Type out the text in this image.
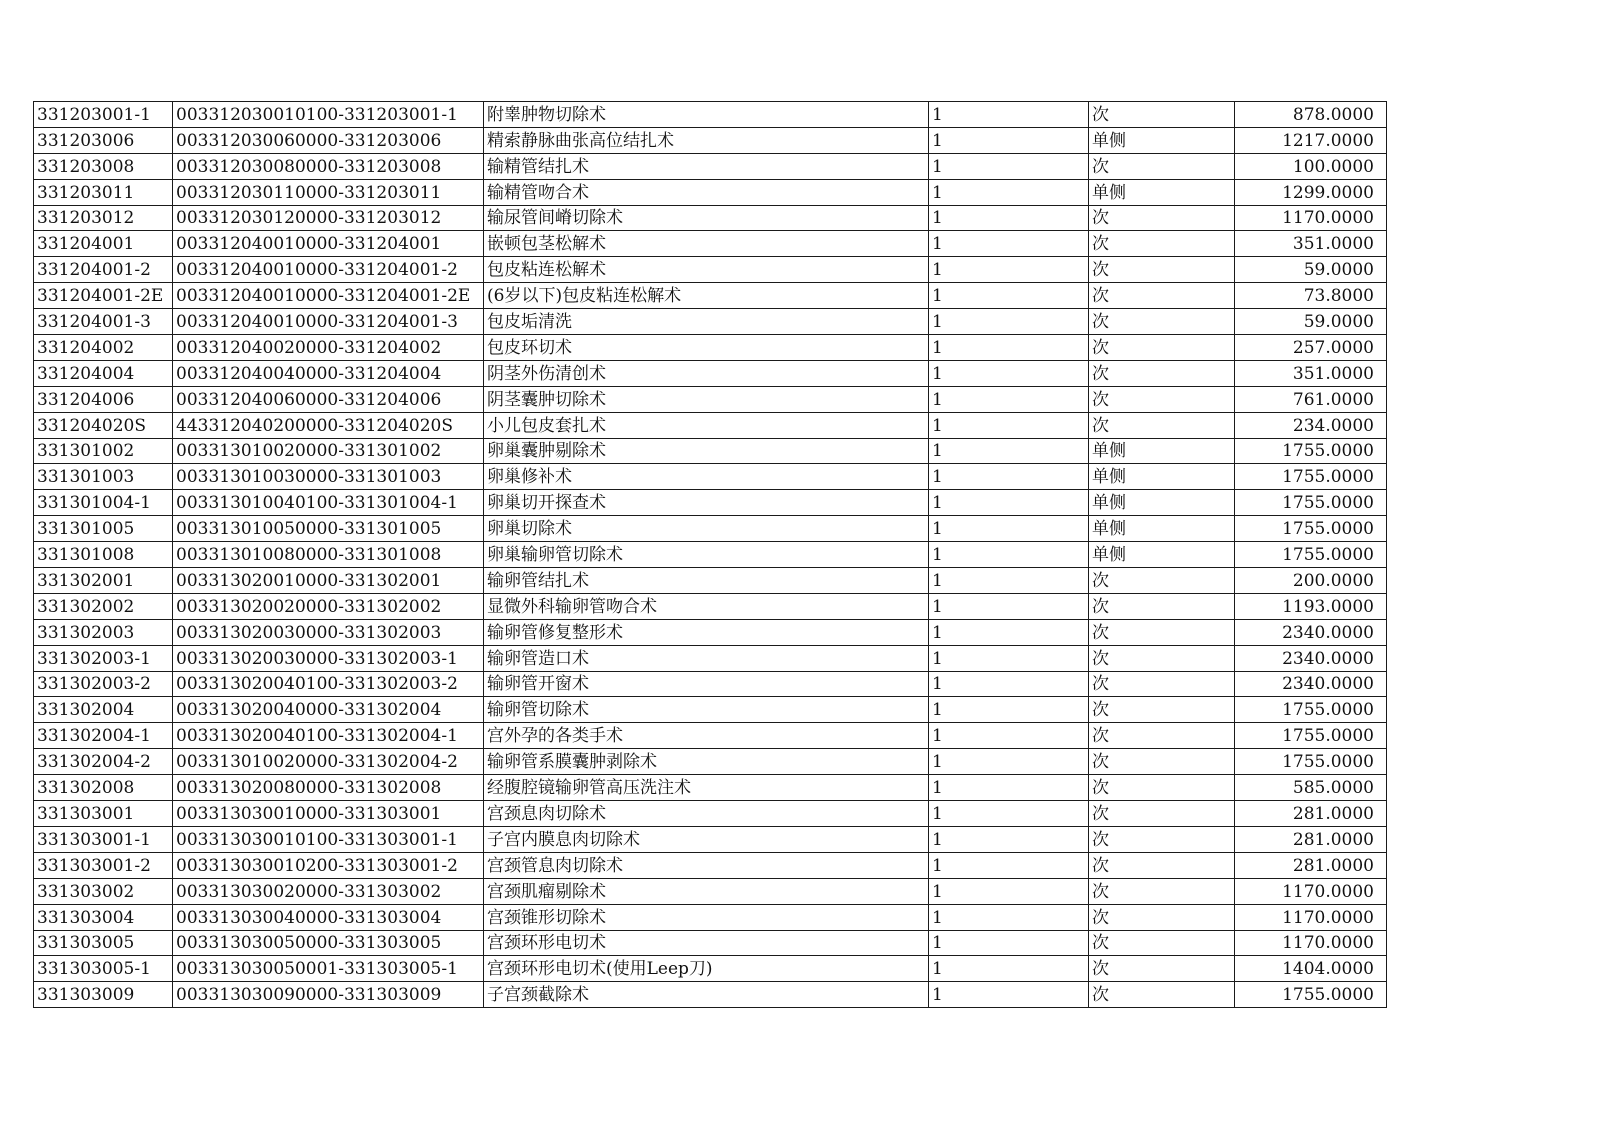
331203001-1	003312030010100-331203001-1	附睾肿物切除术	1	次	878.0000
331203006	003312030060000-331203006	精索静脉曲张高位结扎术	1	单侧	1217.0000
331203008	003312030080000-331203008	输精管结扎术	1	次	100.0000
331203011	003312030110000-331203011	输精管吻合术	1	单侧	1299.0000
331203012	003312030120000-331203012	输尿管间嵴切除术	1	次	1170.0000
331204001	003312040010000-331204001	嵌顿包茎松解术	1	次	351.0000
331204001-2	003312040010000-331204001-2	包皮粘连松解术	1	次	59.0000
331204001-2E	003312040010000-331204001-2E	(6岁以下)包皮粘连松解术	1	次	73.8000
331204001-3	003312040010000-331204001-3	包皮垢清洗	1	次	59.0000
331204002	003312040020000-331204002	包皮环切术	1	次	257.0000
331204004	003312040040000-331204004	阴茎外伤清创术	1	次	351.0000
331204006	003312040060000-331204006	阴茎囊肿切除术	1	次	761.0000
331204020S	443312040200000-331204020S	小儿包皮套扎术	1	次	234.0000
331301002	003313010020000-331301002	卵巢囊肿剔除术	1	单侧	1755.0000
331301003	003313010030000-331301003	卵巢修补术	1	单侧	1755.0000
331301004-1	003313010040100-331301004-1	卵巢切开探查术	1	单侧	1755.0000
331301005	003313010050000-331301005	卵巢切除术	1	单侧	1755.0000
331301008	003313010080000-331301008	卵巢输卵管切除术	1	单侧	1755.0000
331302001	003313020010000-331302001	输卵管结扎术	1	次	200.0000
331302002	003313020020000-331302002	显微外科输卵管吻合术	1	次	1193.0000
331302003	003313020030000-331302003	输卵管修复整形术	1	次	2340.0000
331302003-1	003313020030000-331302003-1	输卵管造口术	1	次	2340.0000
331302003-2	003313020040100-331302003-2	输卵管开窗术	1	次	2340.0000
331302004	003313020040000-331302004	输卵管切除术	1	次	1755.0000
331302004-1	003313020040100-331302004-1	宫外孕的各类手术	1	次	1755.0000
331302004-2	003313010020000-331302004-2	输卵管系膜囊肿剥除术	1	次	1755.0000
331302008	003313020080000-331302008	经腹腔镜输卵管高压洗注术	1	次	585.0000
331303001	003313030010000-331303001	宫颈息肉切除术	1	次	281.0000
331303001-1	003313030010100-331303001-1	子宫内膜息肉切除术	1	次	281.0000
331303001-2	003313030010200-331303001-2	宫颈管息肉切除术	1	次	281.0000
331303002	003313030020000-331303002	宫颈肌瘤剔除术	1	次	1170.0000
331303004	003313030040000-331303004	宫颈锥形切除术	1	次	1170.0000
331303005	003313030050000-331303005	宫颈环形电切术	1	次	1170.0000
331303005-1	003313030050001-331303005-1	宫颈环形电切术(使用Leep刀)	1	次	1404.0000
331303009	003313030090000-331303009	子宫颈截除术	1	次	1755.0000
